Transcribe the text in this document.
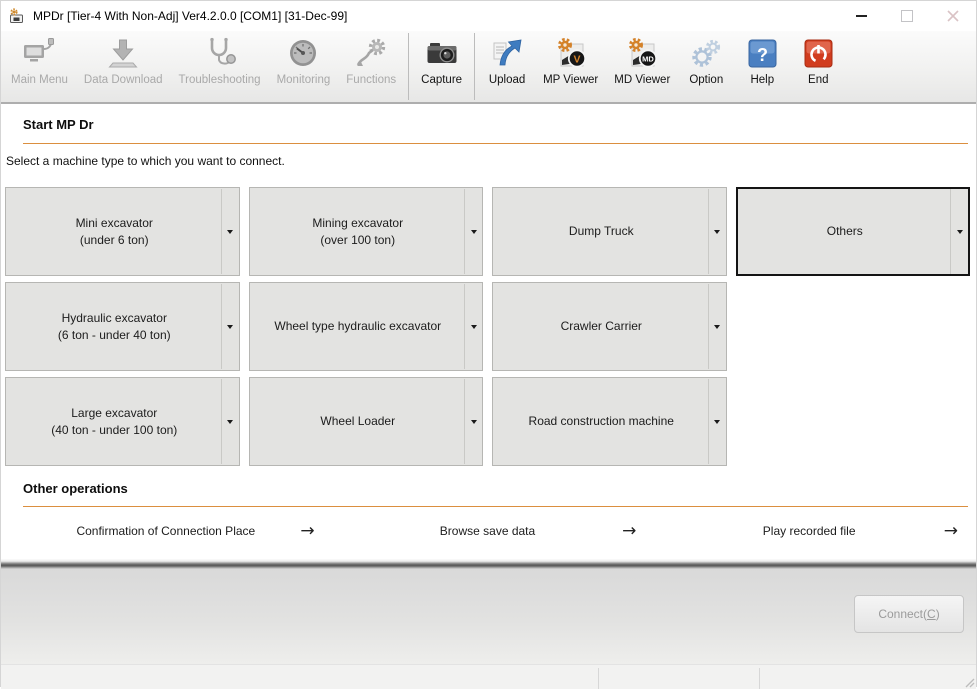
MPDr [Tier-4 With Non-Adj] Ver4.2.0.0 [COM1] [31-Dec-99]
Main Menu Data Download Troubleshooting Monitoring Functions Capture Upload
V
MP Viewer
MD
MD Viewer Option
?
Help	End
Start MP Dr
Select a machine type to which you want to connect.
Mini excavator
(under 6 ton)
Mining excavator
(over 100 ton)
Dump Truck	Others
Hydraulic excavator
(6 ton - under 40 ton)
Wheel type hydraulic excavator	Crawler Carrier
Large excavator
(40 ton - under 100 ton)
Wheel Loader	Road construction machine
Other operations
Confirmation of Connection Place	→	Browse save data	→	Play recorded file	→
Connect( C )
